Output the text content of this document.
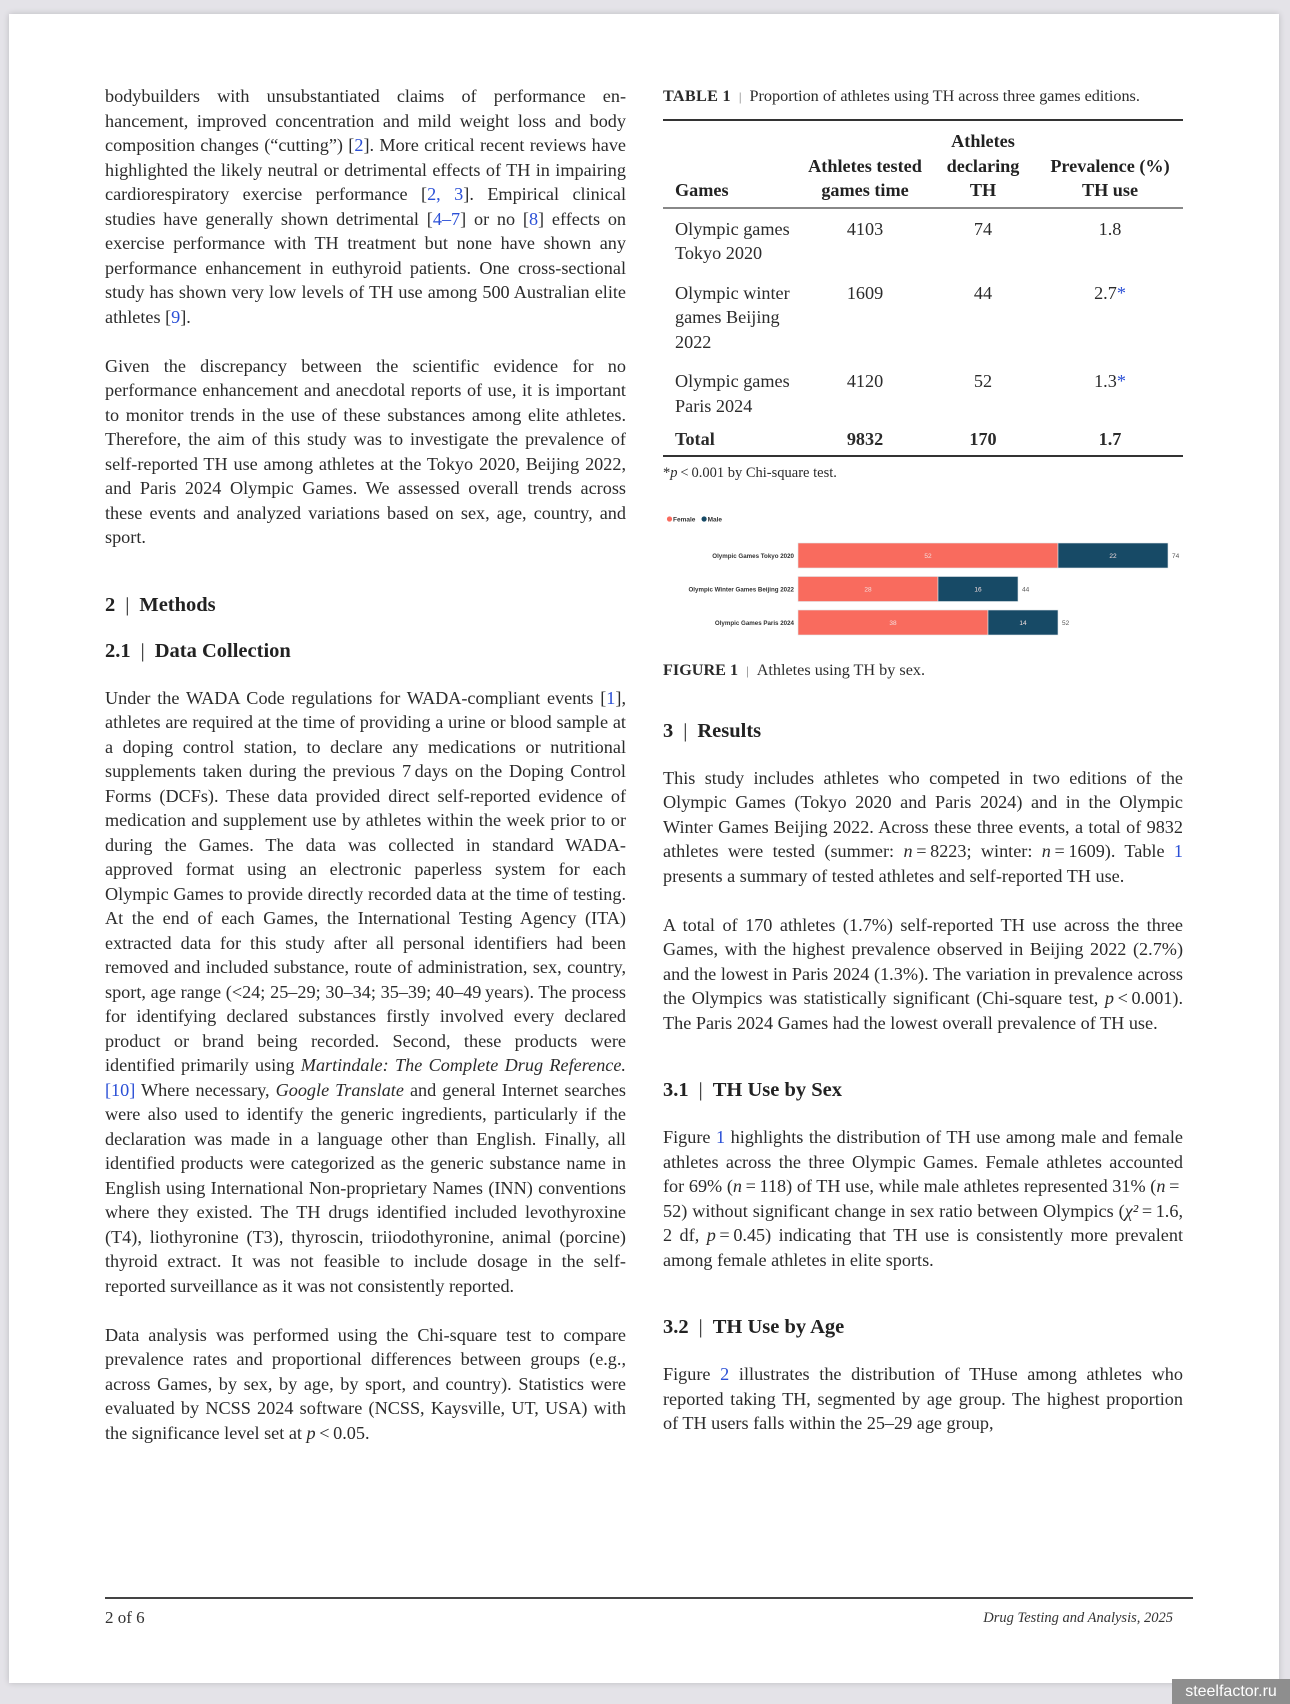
bodybuilders with unsubstantiated claims of performance enhancement, improved concentration and mild weight loss and body composition changes (“cutting”) [2]. More critical recent reviews have highlighted the likely neutral or detrimental effects of TH in impairing cardiorespiratory exercise performance [2, 3]. Empirical clinical studies have generally shown detrimental [4–7] or no [8] effects on exercise performance with TH treatment but none have shown any performance enhancement in euthyroid patients. One cross-sectional study has shown very low levels of TH use among 500 Australian elite athletes [9].

Given the discrepancy between the scientific evidence for no performance enhancement and anecdotal reports of use, it is important to monitor trends in the use of these substances among elite athletes. Therefore, the aim of this study was to investigate the prevalence of self-reported TH use among athletes at the Tokyo 2020, Beijing 2022, and Paris 2024 Olympic Games. We assessed overall trends across these events and analyzed variations based on sex, age, country, and sport.

2 | Methods
2.1 | Data Collection

Under the WADA Code regulations for WADA-compliant events [1], athletes are required at the time of providing a urine or blood sample at a doping control station, to declare any medications or nutritional supplements taken during the previous 7 days on the Doping Control Forms (DCFs). These data provided direct self-reported evidence of medication and supplement use by athletes within the week prior to or during the Games. The data was collected in standard WADA-approved format using an electronic paperless system for each Olympic Games to provide directly recorded data at the time of testing. At the end of each Games, the International Testing Agency (ITA) extracted data for this study after all personal identifiers had been removed and included substance, route of administration, sex, country, sport, age range (<24; 25–29; 30–34; 35–39; 40–49 years). The process for identifying declared substances firstly involved every declared product or brand being recorded. Second, these products were identified primarily using Martindale: The Complete Drug Reference. [10] Where necessary, Google Translate and general Internet searches were also used to identify the generic ingredients, particularly if the declaration was made in a language other than English. Finally, all identified products were categorized as the generic substance name in English using International Non-proprietary Names (INN) conventions where they existed. The TH drugs identified included levothyroxine (T4), liothyronine (T3), thyroscin, triiodothyronine, animal (porcine) thyroid extract. It was not feasible to include dosage in the self-reported surveillance as it was not consistently reported.

Data analysis was performed using the Chi-square test to compare prevalence rates and proportional differences between groups (e.g., across Games, by sex, by age, by sport, and country). Statistics were evaluated by NCSS 2024 software (NCSS, Kaysville, UT, USA) with the significance level set at p < 0.05.

TABLE 1 | Proportion of athletes using TH across three games editions.
Games	Athletes tested games time	Athletes declaring TH	Prevalence (%) TH use
Olympic games Tokyo 2020	4103	74	1.8
Olympic winter games Beijing 2022	1609	44	2.7*
Olympic games Paris 2024	4120	52	1.3*
Total	9832	170	1.7
*p < 0.001 by Chi-square test.
Female Male
Olympic Games Tokyo 2020	52	22	74
Olympic Winter Games Beijing 2022	28	16	44
Olympic Games Paris 2024	38	14	52
FIGURE 1 | Athletes using TH by sex.
3 | Results

This study includes athletes who competed in two editions of the Olympic Games (Tokyo 2020 and Paris 2024) and in the Olympic Winter Games Beijing 2022. Across these three events, a total of 9832 athletes were tested (summer: n = 8223; winter: n = 1609). Table 1 presents a summary of tested athletes and self-reported TH use.

A total of 170 athletes (1.7%) self-reported TH use across the three Games, with the highest prevalence observed in Beijing 2022 (2.7%) and the lowest in Paris 2024 (1.3%). The variation in prevalence across the Olympics was statistically significant (Chi-square test, p < 0.001). The Paris 2024 Games had the lowest overall prevalence of TH use.

3.1 | TH Use by Sex

Figure 1 highlights the distribution of TH use among male and female athletes across the three Olympic Games. Female athletes accounted for 69% (n = 118) of TH use, while male athletes represented 31% (n = 52) without significant change in sex ratio between Olympics (χ² = 1.6, 2 df, p = 0.45) indicating that TH use is consistently more prevalent among female athletes in elite sports.

3.2 | TH Use by Age

Figure 2 illustrates the distribution of THuse among athletes who reported taking TH, segmented by age group. The highest proportion of TH users falls within the 25–29 age group,

2 of 6	Drug Testing and Analysis, 2025
steelfactor.ru
